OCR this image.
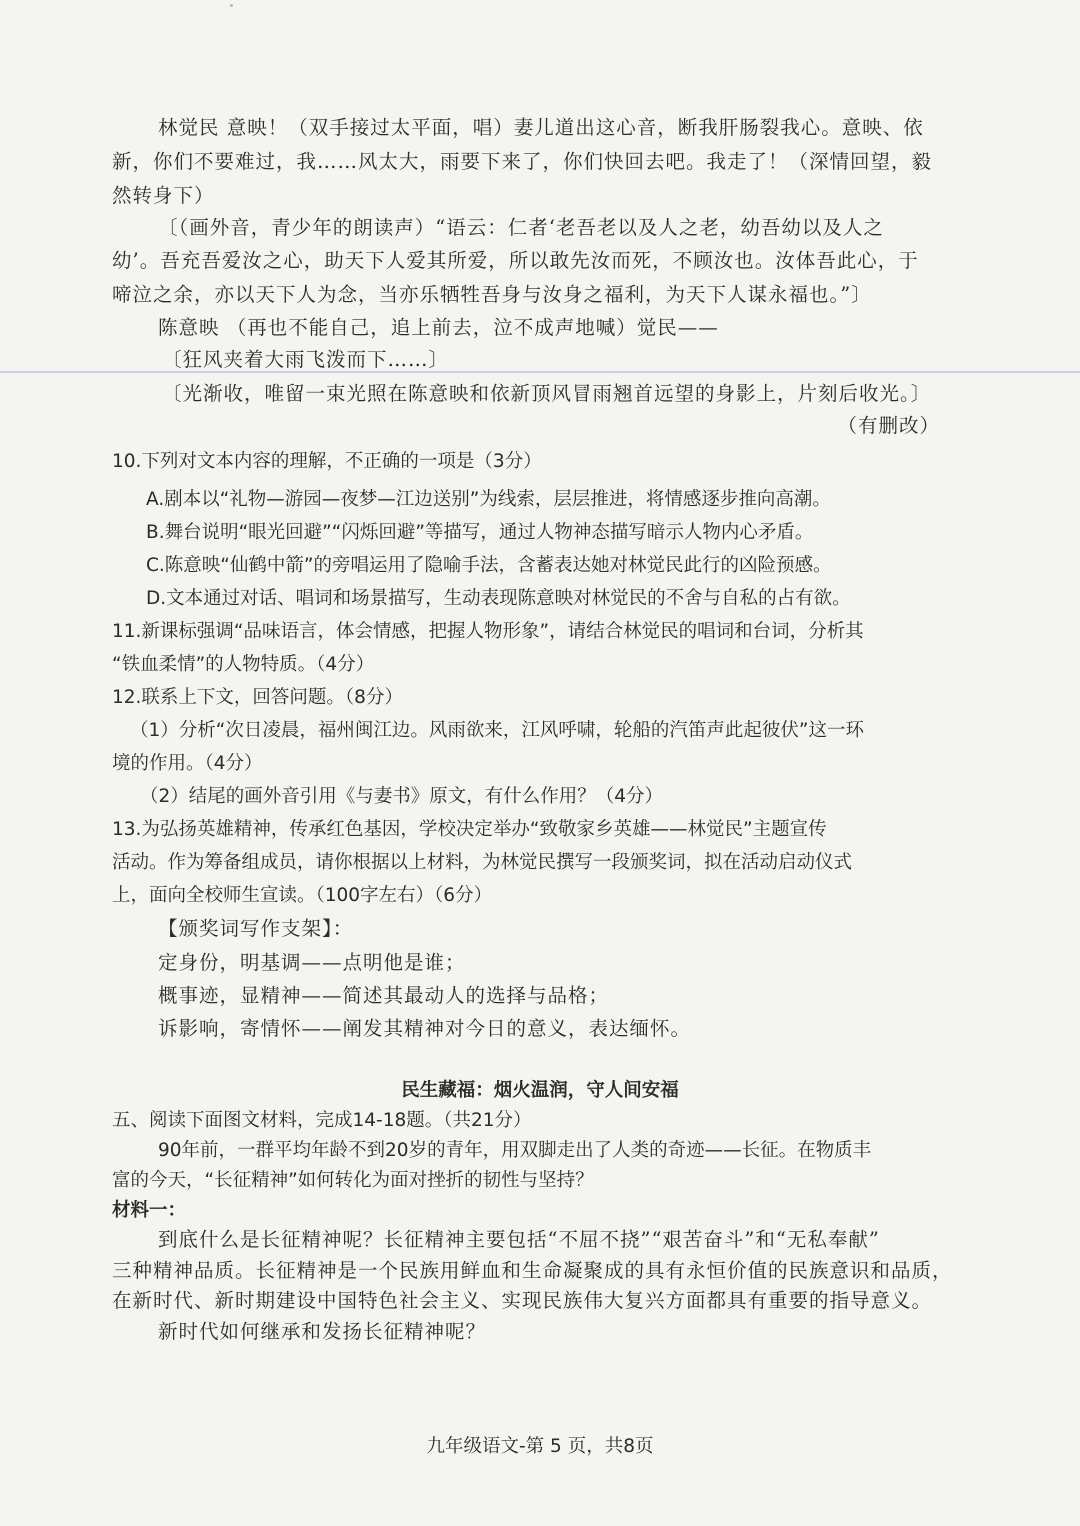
林觉民 意映！（双手接过太平面，唱）妻儿道出这心音，断我肝肠裂我心。意映、依
新，你们不要难过，我……风太大，雨要下来了，你们快回去吧。我走了！（深情回望，毅
然转身下）
〔（画外音，青少年的朗读声）“语云：仁者‘老吾老以及人之老，幼吾幼以及人之
幼’。吾充吾爱汝之心，助天下人爱其所爱，所以敢先汝而死，不顾汝也。汝体吾此心，于
啼泣之余，亦以天下人为念，当亦乐牺牲吾身与汝身之福利，为天下人谋永福也。”〕
陈意映 （再也不能自己，追上前去，泣不成声地喊）觉民——
〔狂风夹着大雨飞泼而下……〕
〔光渐收，唯留一束光照在陈意映和依新顶风冒雨翘首远望的身影上，片刻后收光。〕
（有删改）
10.下列对文本内容的理解，不正确的一项是（3分）
A.剧本以“礼物—游园—夜梦—江边送别”为线索，层层推进，将情感逐步推向高潮。
B.舞台说明“眼光回避”“闪烁回避”等描写，通过人物神态描写暗示人物内心矛盾。
C.陈意映“仙鹤中箭”的旁唱运用了隐喻手法，含蓄表达她对林觉民此行的凶险预感。
D.文本通过对话、唱词和场景描写，生动表现陈意映对林觉民的不舍与自私的占有欲。
11.新课标强调“品味语言，体会情感，把握人物形象”，请结合林觉民的唱词和台词，分析其
“铁血柔情”的人物特质。（4分）
12.联系上下文，回答问题。（8分）
（1）分析“次日凌晨，福州闽江边。风雨欲来，江风呼啸，轮船的汽笛声此起彼伏”这一环
境的作用。（4分）
（2）结尾的画外音引用《与妻书》原文，有什么作用？（4分）
13.为弘扬英雄精神，传承红色基因，学校决定举办“致敬家乡英雄——林觉民”主题宣传
活动。作为筹备组成员，请你根据以上材料，为林觉民撰写一段颁奖词，拟在活动启动仪式
上，面向全校师生宣读。（100字左右）（6分）
【颁奖词写作支架】：
定身份，明基调——点明他是谁；
概事迹，显精神——简述其最动人的选择与品格；
诉影响，寄情怀——阐发其精神对今日的意义，表达缅怀。
民生藏福：烟火温润，守人间安福
五、阅读下面图文材料，完成14-18题。（共21分）
90年前，一群平均年龄不到20岁的青年，用双脚走出了人类的奇迹——长征。在物质丰
富的今天，“长征精神”如何转化为面对挫折的韧性与坚持？
材料一：
到底什么是长征精神呢？长征精神主要包括“不屈不挠”“艰苦奋斗”和“无私奉献”
三种精神品质。长征精神是一个民族用鲜血和生命凝聚成的具有永恒价值的民族意识和品质，
在新时代、新时期建设中国特色社会主义、实现民族伟大复兴方面都具有重要的指导意义。
新时代如何继承和发扬长征精神呢？
九年级语文-第 5 页，共8页
